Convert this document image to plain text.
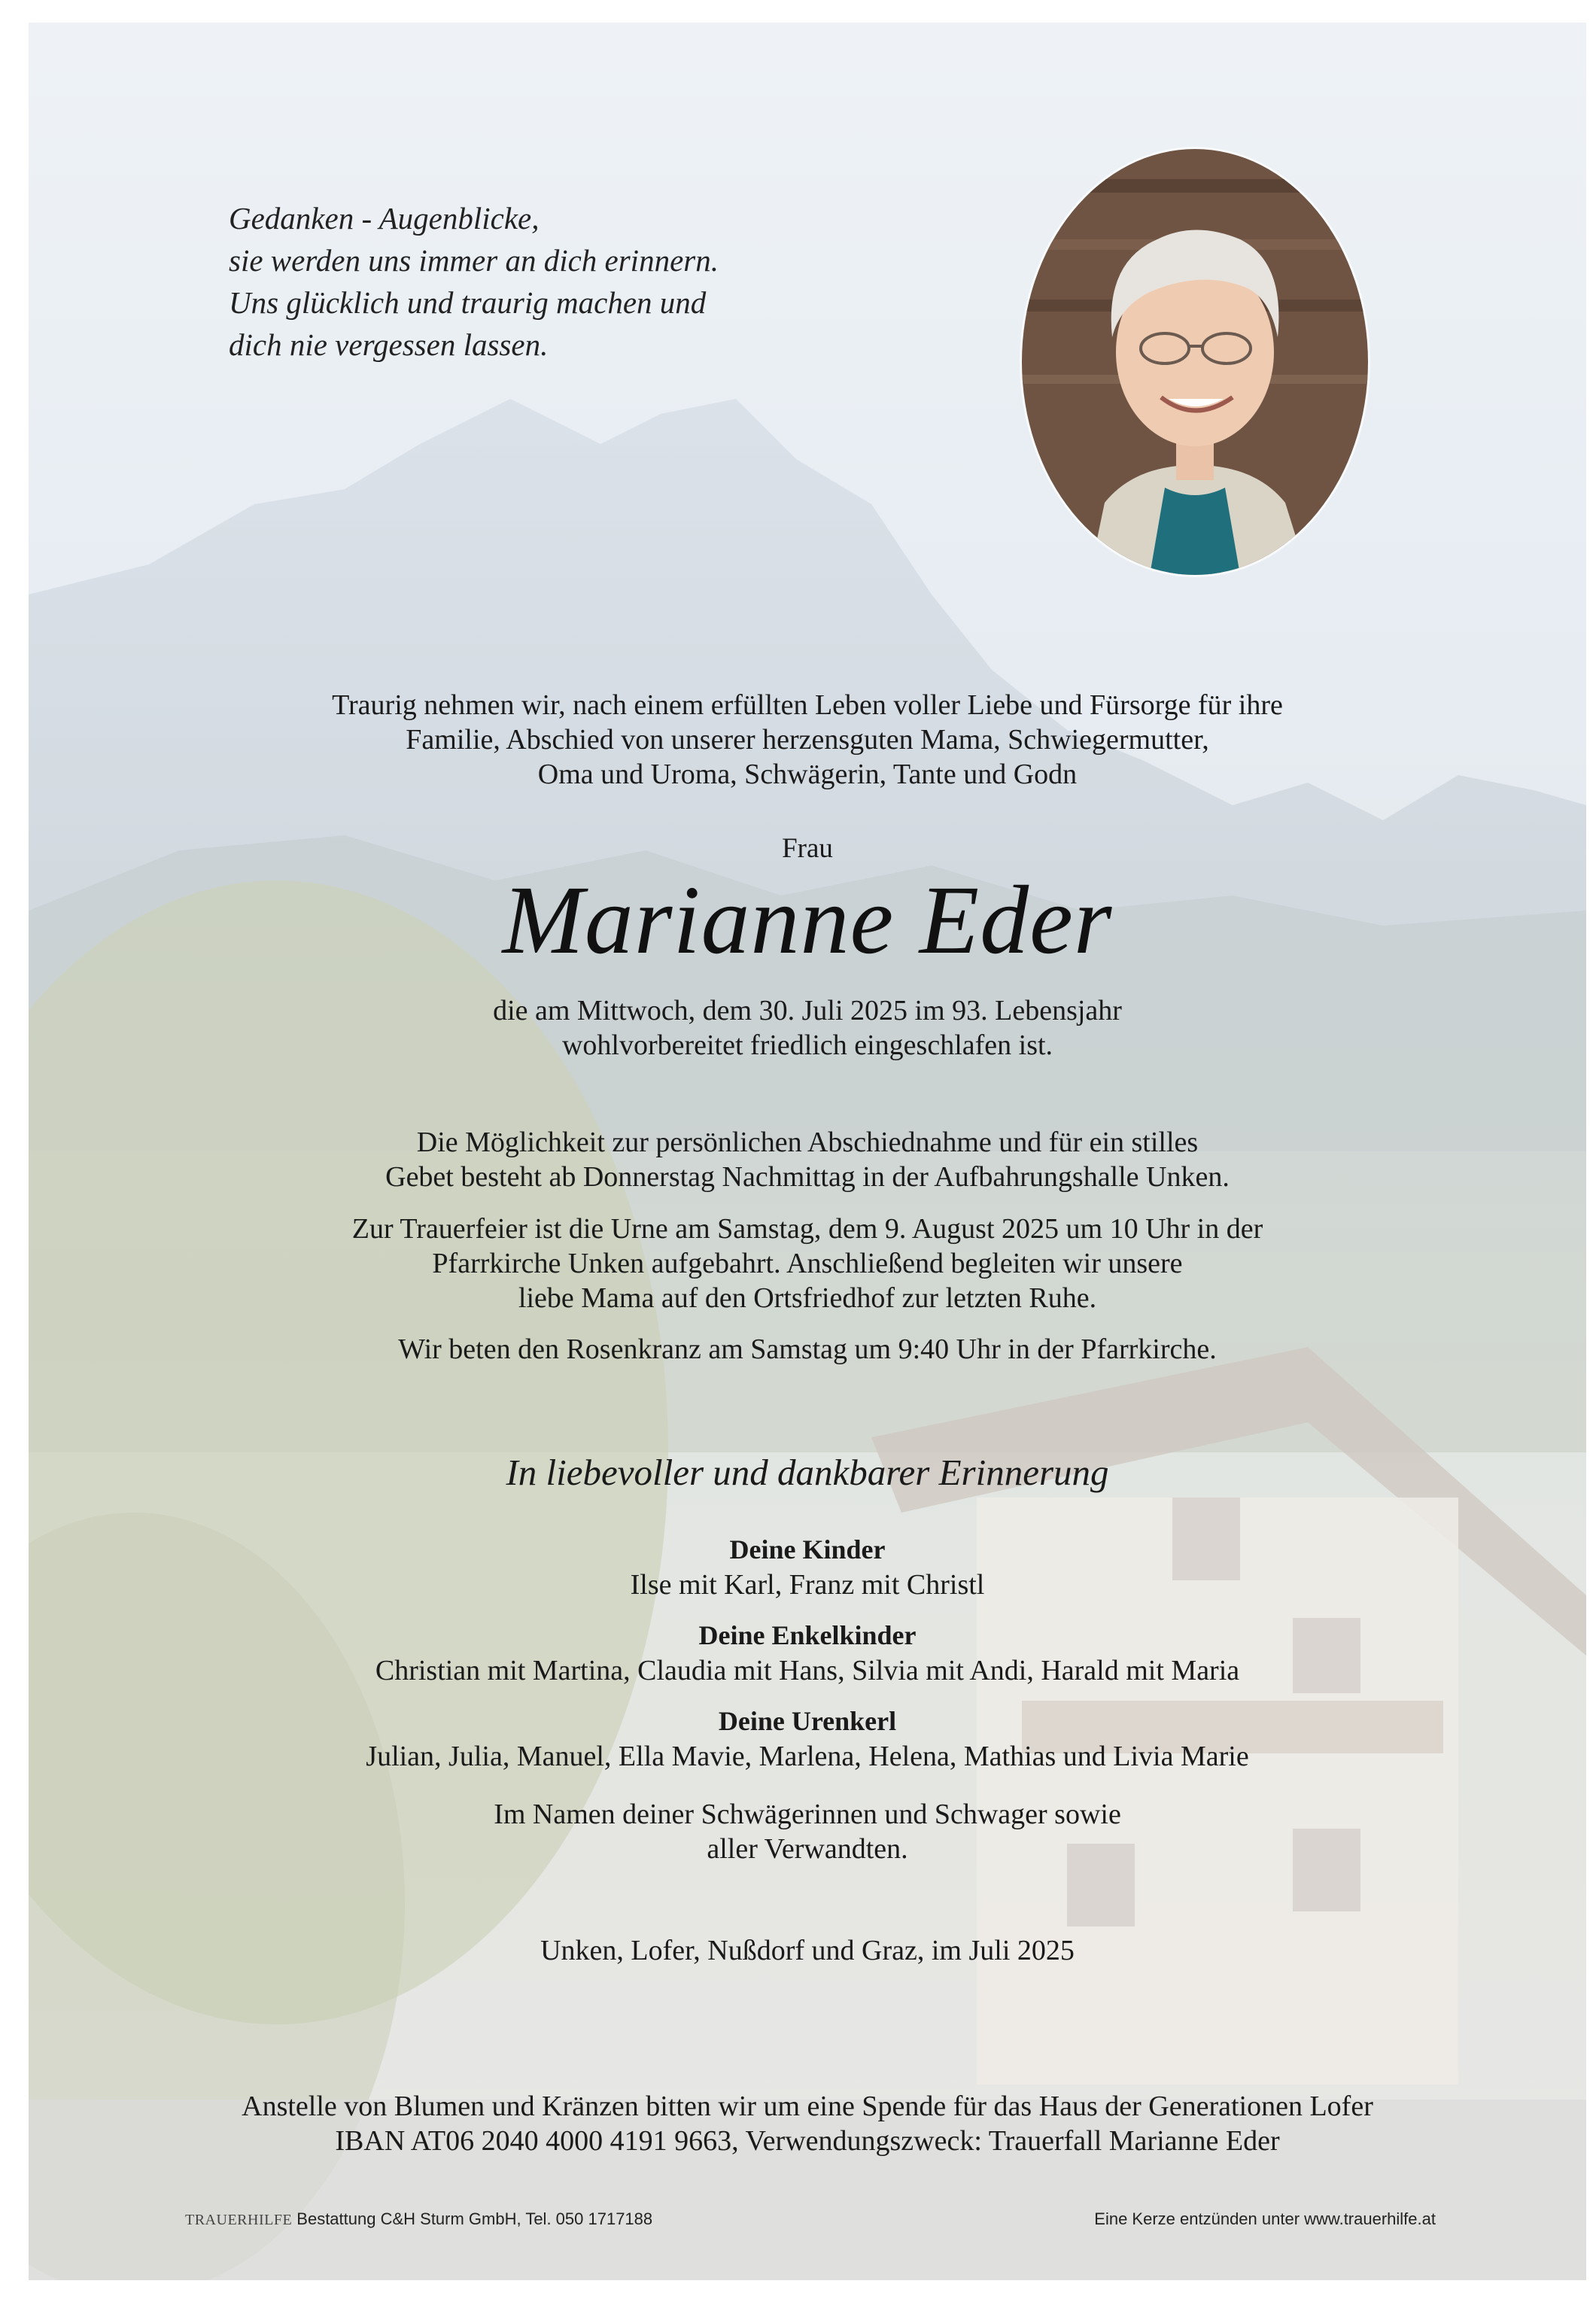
Gedanken - Augenblicke,
sie werden uns immer an dich erinnern.
Uns glücklich und traurig machen und
dich nie vergessen lassen.
Traurig nehmen wir, nach einem erfüllten Leben voller Liebe und Fürsorge für ihre
Familie, Abschied von unserer herzensguten Mama, Schwiegermutter,
Oma und Uroma, Schwägerin, Tante und Godn
Frau
Marianne Eder
die am Mittwoch, dem 30. Juli 2025 im 93. Lebensjahr
wohlvorbereitet friedlich eingeschlafen ist.
Die Möglichkeit zur persönlichen Abschiednahme und für ein stilles
Gebet besteht ab Donnerstag Nachmittag in der Aufbahrungshalle Unken.
Zur Trauerfeier ist die Urne am Samstag, dem 9. August 2025 um 10 Uhr in der
Pfarrkirche Unken aufgebahrt. Anschließend begleiten wir unsere
liebe Mama auf den Ortsfriedhof zur letzten Ruhe.
Wir beten den Rosenkranz am Samstag um 9:40 Uhr in der Pfarrkirche.
In liebevoller und dankbarer Erinnerung
Deine Kinder
Ilse mit Karl, Franz mit Christl
Deine Enkelkinder
Christian mit Martina, Claudia mit Hans, Silvia mit Andi, Harald mit Maria
Deine Urenkerl
Julian, Julia, Manuel, Ella Mavie, Marlena, Helena, Mathias und Livia Marie
Im Namen deiner Schwägerinnen und Schwager sowie
aller Verwandten.
Unken, Lofer, Nußdorf und Graz, im Juli 2025
Anstelle von Blumen und Kränzen bitten wir um eine Spende für das Haus der Generationen Lofer
IBAN AT06 2040 4000 4191 9663, Verwendungszweck: Trauerfall Marianne Eder
TRAUERHILFE Bestattung C&H Sturm GmbH, Tel. 050 1717188	Eine Kerze entzünden unter www.trauerhilfe.at
